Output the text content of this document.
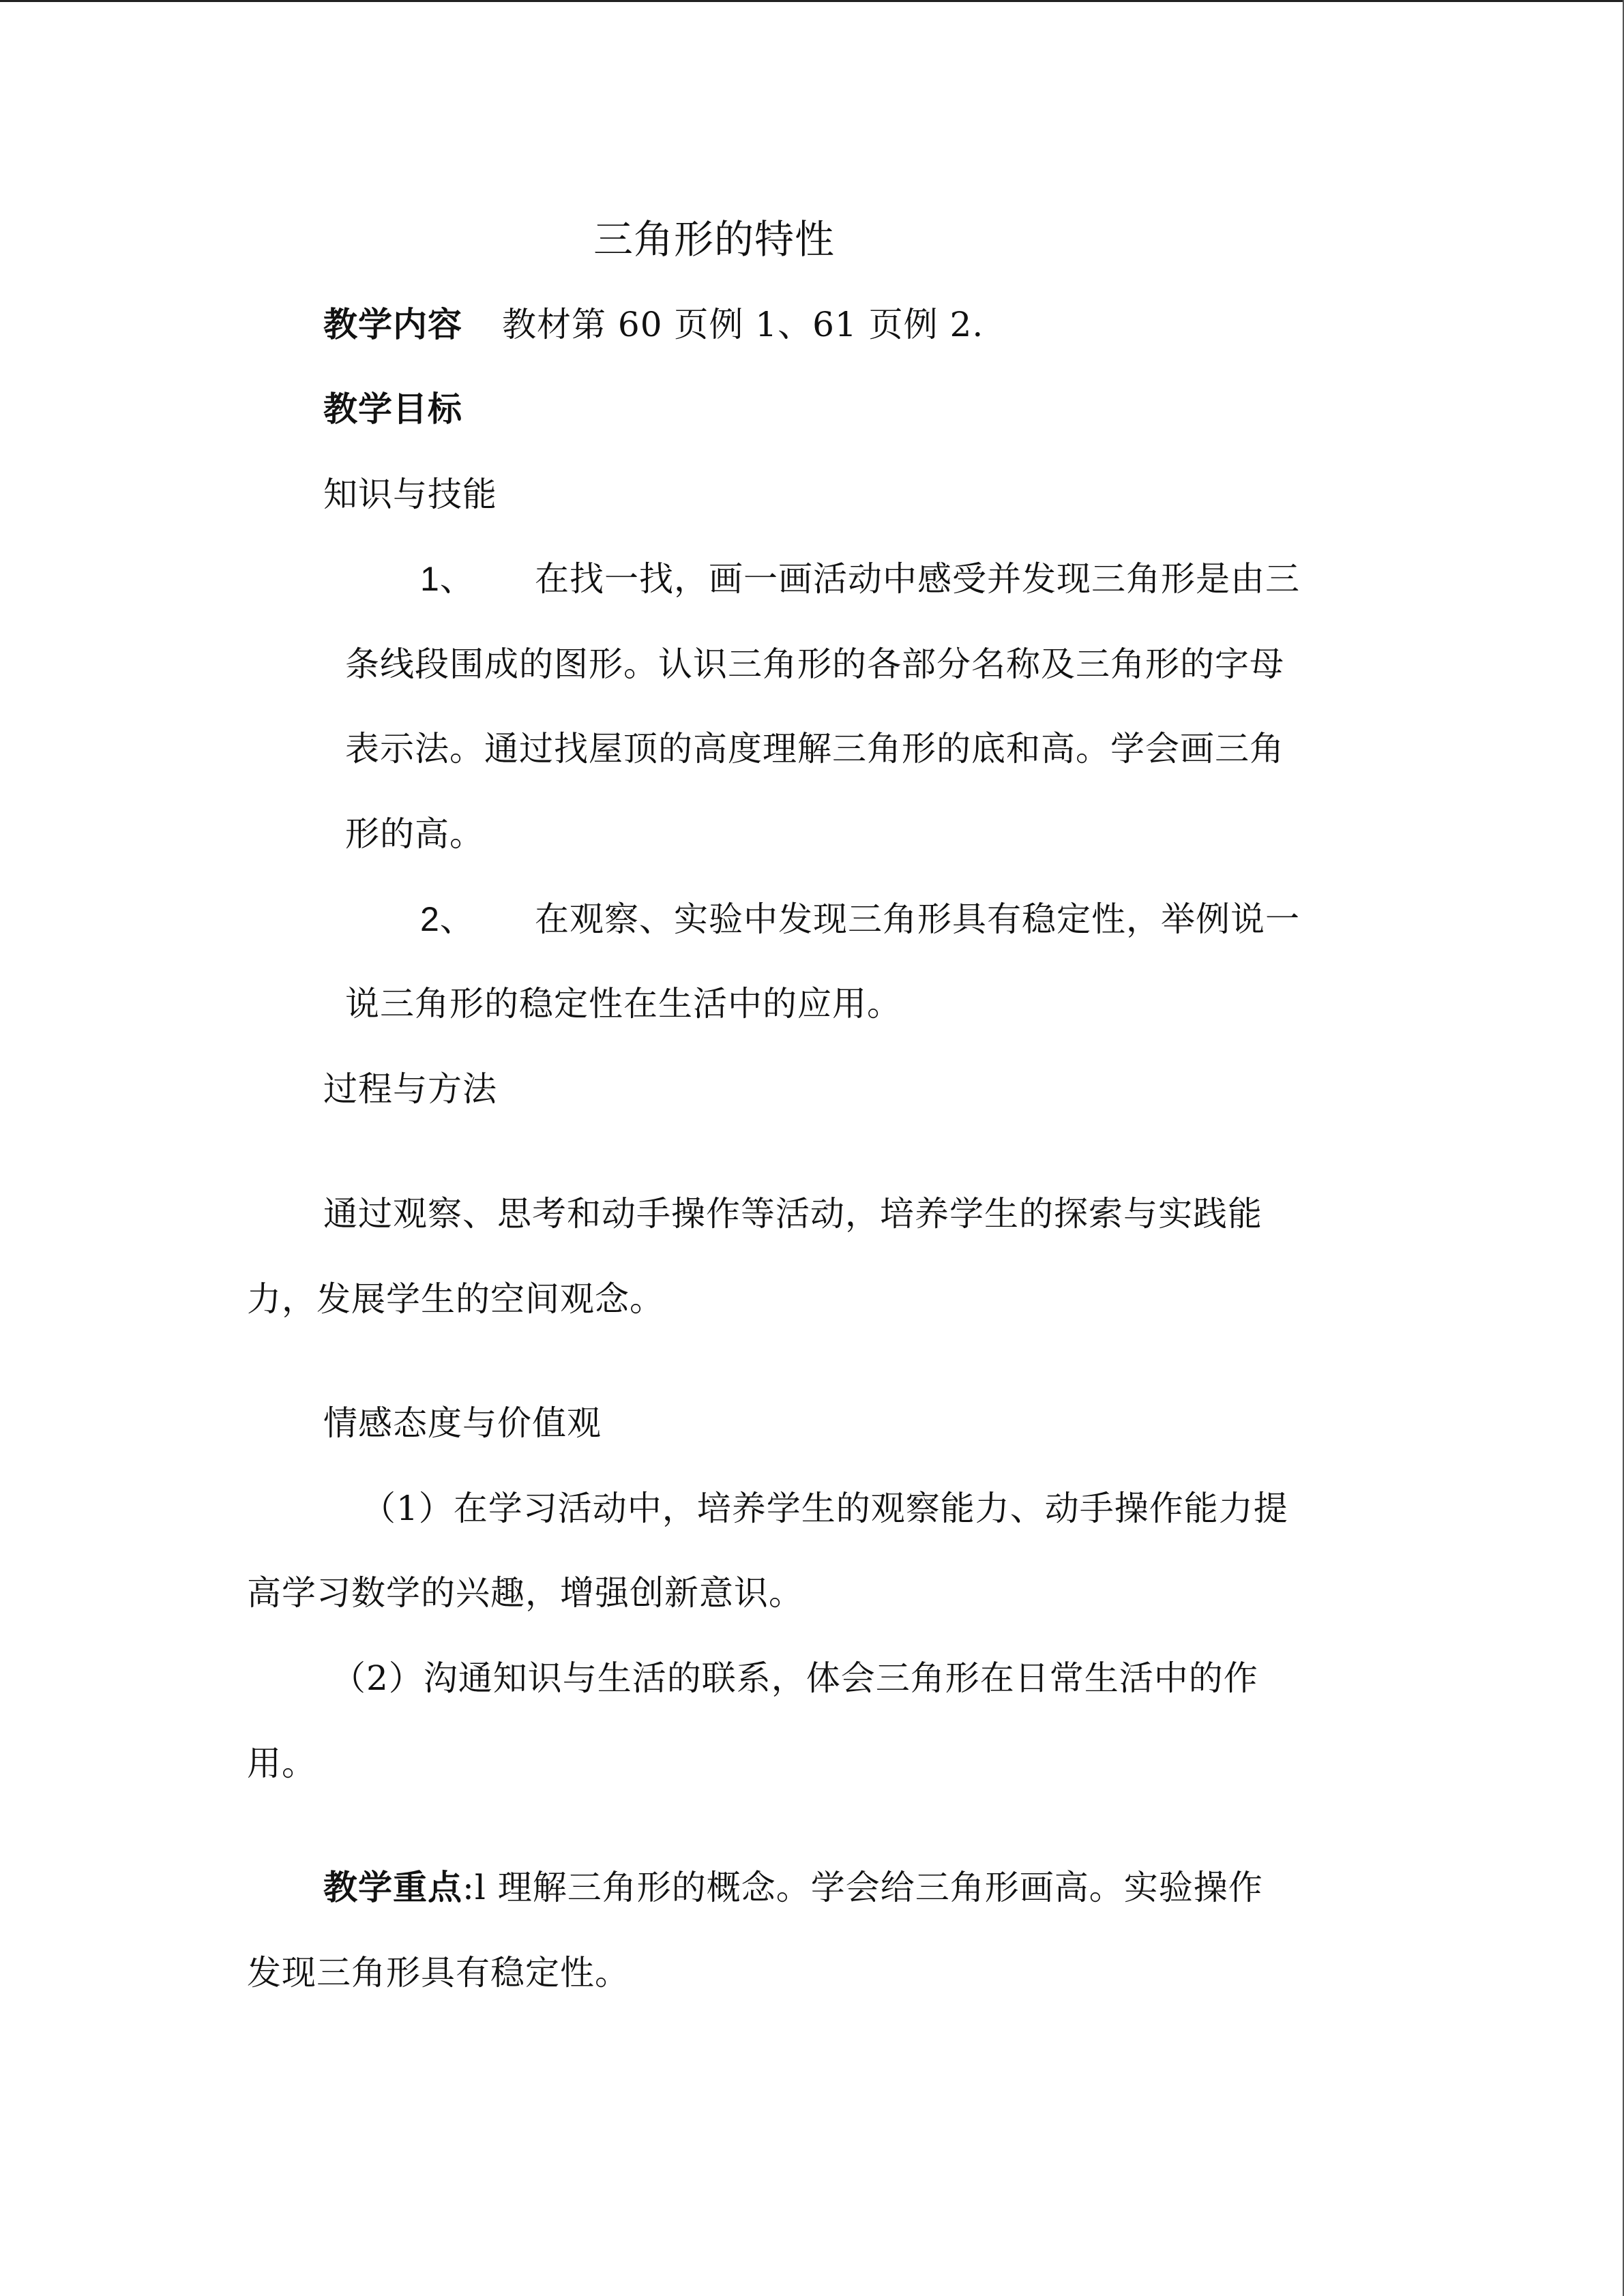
三角形的特性
教学内容 教材第 60 页例 1、61 页例 2.
教学目标
知识与技能
1、 在找一找，画一画活动中感受并发现三角形是由三
条线段围成的图形。认识三角形的各部分名称及三角形的字母
表示法。通过找屋顶的高度理解三角形的底和高。学会画三角
形的高。
2、 在观察、实验中发现三角形具有稳定性，举例说一
说三角形的稳定性在生活中的应用。
过程与方法
通过观察、思考和动手操作等活动，培养学生的探索与实践能
力，发展学生的空间观念。
情感态度与价值观
（1）在学习活动中，培养学生的观察能力、动手操作能力提
高学习数学的兴趣，增强创新意识。
（2）沟通知识与生活的联系，体会三角形在日常生活中的作
用。
教学重点:l 理解三角形的概念。学会给三角形画高。实验操作
发现三角形具有稳定性。
